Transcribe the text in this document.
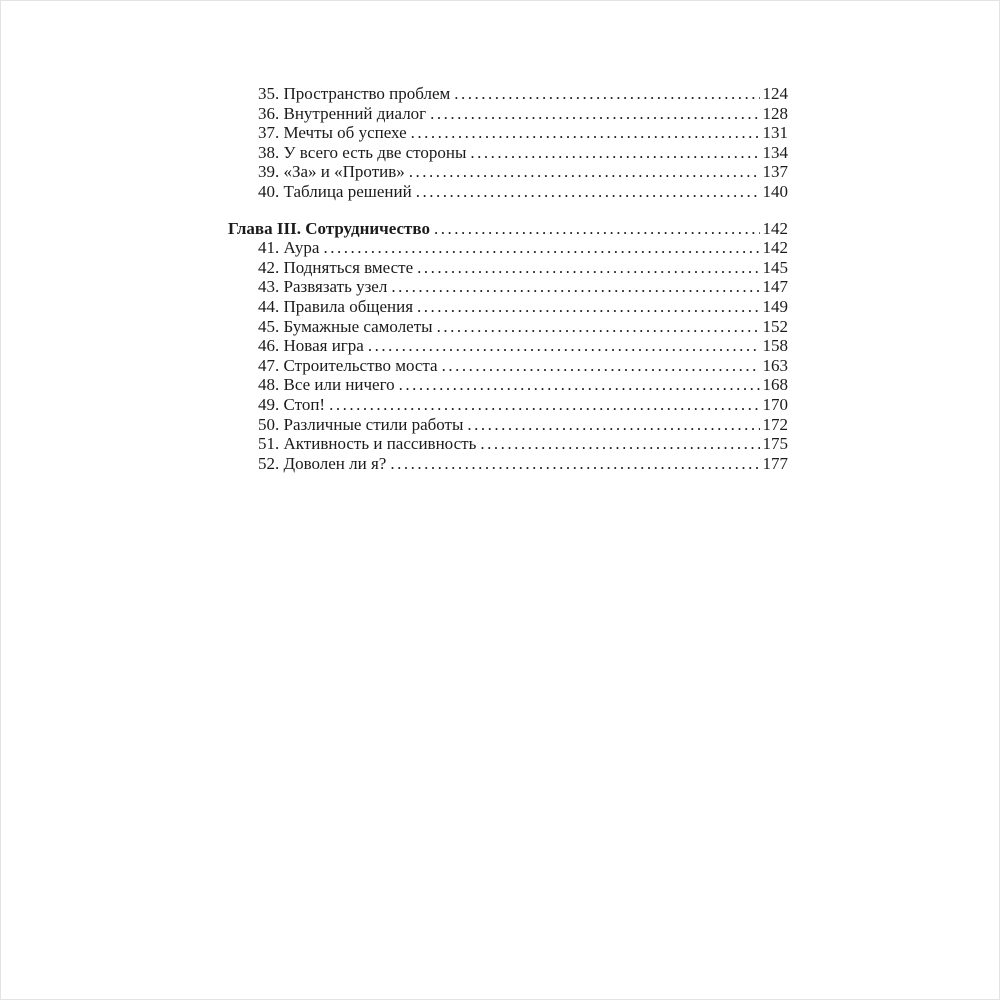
35. Пространство проблем .....	124
36. Внутренний диалог .....	128
37. Мечты об успехе .....	131
38. У всего есть две стороны .....	134
39. «За» и «Против» .....	137
40. Таблица решений .....	140
Глава III. Сотрудничество .....	142
41. Аура .....	142
42. Подняться вместе .....	145
43. Развязать узел .....	147
44. Правила общения .....	149
45. Бумажные самолеты .....	152
46. Новая игра .....	158
47. Строительство моста .....	163
48. Все или ничего .....	168
49. Стоп! .....	170
50. Различные стили работы .....	172
51. Активность и пассивность .....	175
52. Доволен ли я? .....	177
